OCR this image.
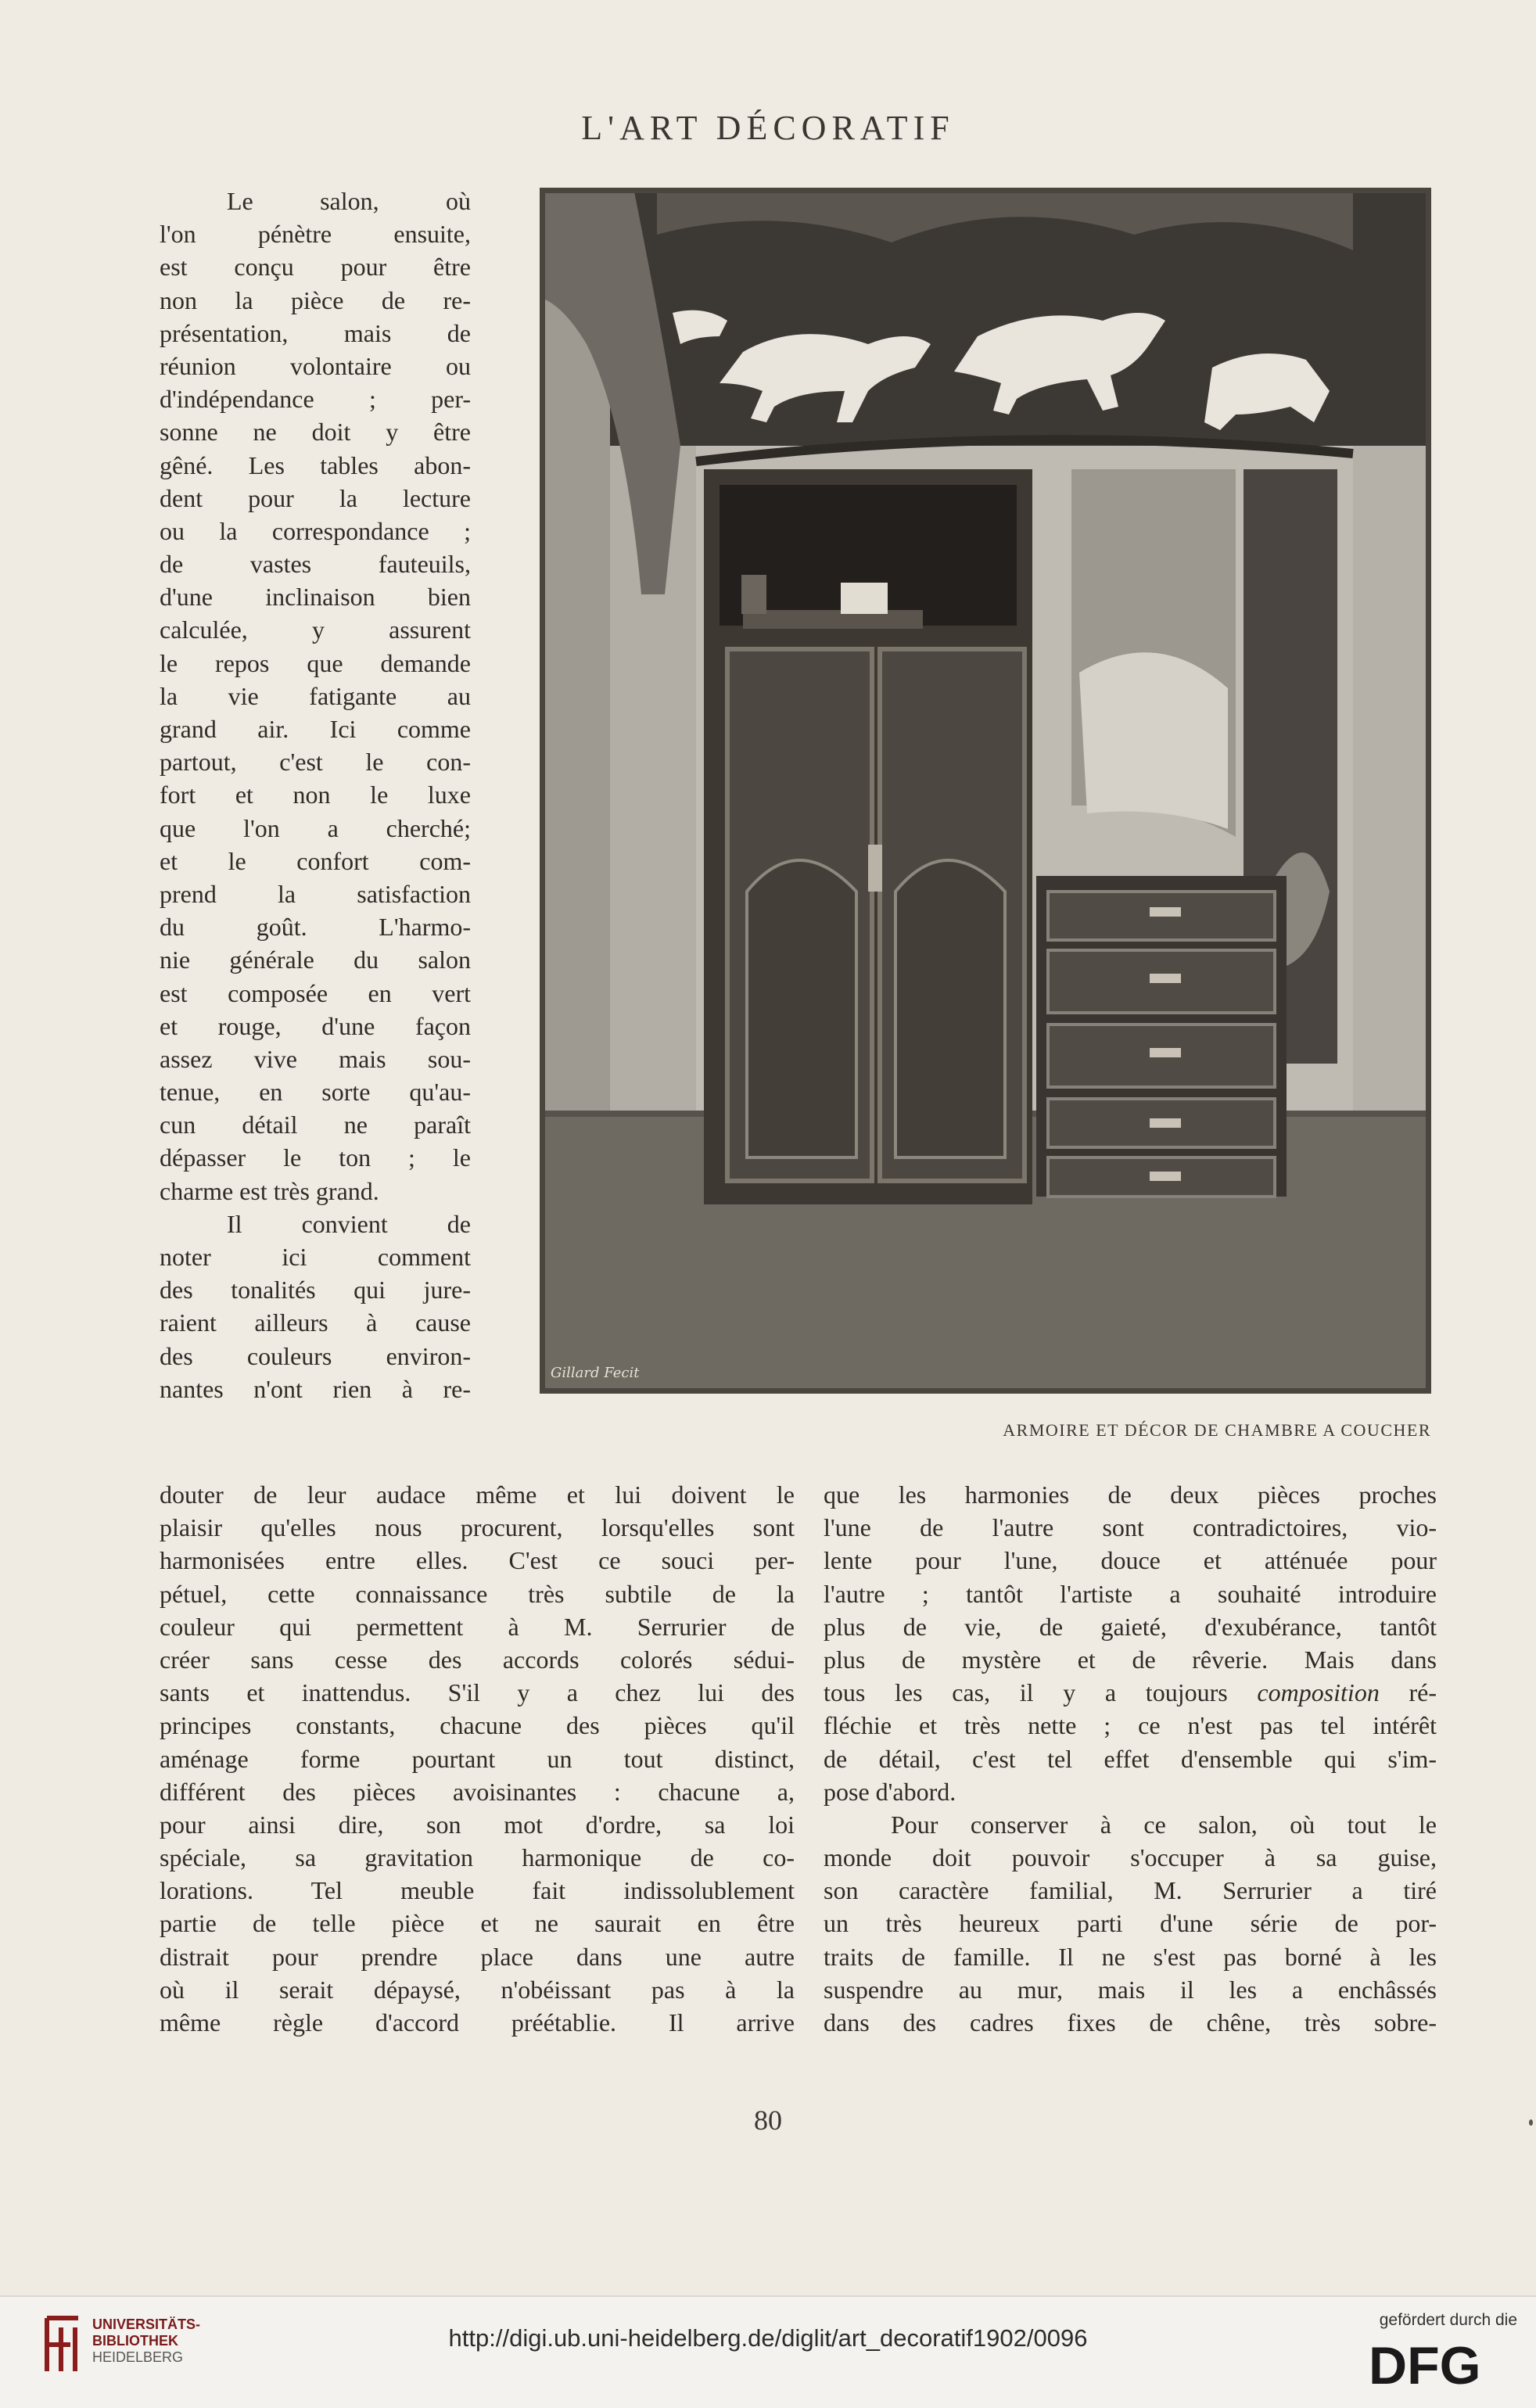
L'ART DÉCORATIF
Le salon, où
l'on pénètre ensuite,
est conçu pour être
non la pièce de re-
présentation, mais de
réunion volontaire ou
d'indépendance ; per-
sonne ne doit y être
gêné. Les tables abon-
dent pour la lecture
ou la correspondance ;
de vastes fauteuils,
d'une inclinaison bien
calculée, y assurent
le repos que demande
la vie fatigante au
grand air. Ici comme
partout, c'est le con-
fort et non le luxe
que l'on a cherché;
et le confort com-
prend la satisfaction
du goût. L'harmo-
nie générale du salon
est composée en vert
et rouge, d'une façon
assez vive mais sou-
tenue, en sorte qu'au-
cun détail ne paraît
dépasser le ton ; le
charme est très grand.
Il convient de
noter ici comment
des tonalités qui jure-
raient ailleurs à cause
des couleurs environ-
nantes n'ont rien à re-
Gillard Fecit
ARMOIRE ET DÉCOR DE CHAMBRE A COUCHER
douter de leur audace même et lui doivent le
plaisir qu'elles nous procurent, lorsqu'elles sont
harmonisées entre elles. C'est ce souci per-
pétuel, cette connaissance très subtile de la
couleur qui permettent à M. Serrurier de
créer sans cesse des accords colorés sédui-
sants et inattendus. S'il y a chez lui des
principes constants, chacune des pièces qu'il
aménage forme pourtant un tout distinct,
différent des pièces avoisinantes : chacune a,
pour ainsi dire, son mot d'ordre, sa loi
spéciale, sa gravitation harmonique de co-
lorations. Tel meuble fait indissolublement
partie de telle pièce et ne saurait en être
distrait pour prendre place dans une autre
où il serait dépaysé, n'obéissant pas à la
même règle d'accord préétablie. Il arrive
que les harmonies de deux pièces proches
l'une de l'autre sont contradictoires, vio-
lente pour l'une, douce et atténuée pour
l'autre ; tantôt l'artiste a souhaité introduire
plus de vie, de gaieté, d'exubérance, tantôt
plus de mystère et de rêverie. Mais dans
tous les cas, il y a toujours composition ré-
fléchie et très nette ; ce n'est pas tel intérêt
de détail, c'est tel effet d'ensemble qui s'im-
pose d'abord.
Pour conserver à ce salon, où tout le
monde doit pouvoir s'occuper à sa guise,
son caractère familial, M. Serrurier a tiré
un très heureux parti d'une série de por-
traits de famille. Il ne s'est pas borné à les
suspendre au mur, mais il les a enchâssés
dans des cadres fixes de chêne, très sobre-
80
UNIVERSITÄTS-
BIBLIOTHEK
HEIDELBERG
http://digi.ub.uni-heidelberg.de/diglit/art_decoratif1902/0096
gefördert durch die
DFG
